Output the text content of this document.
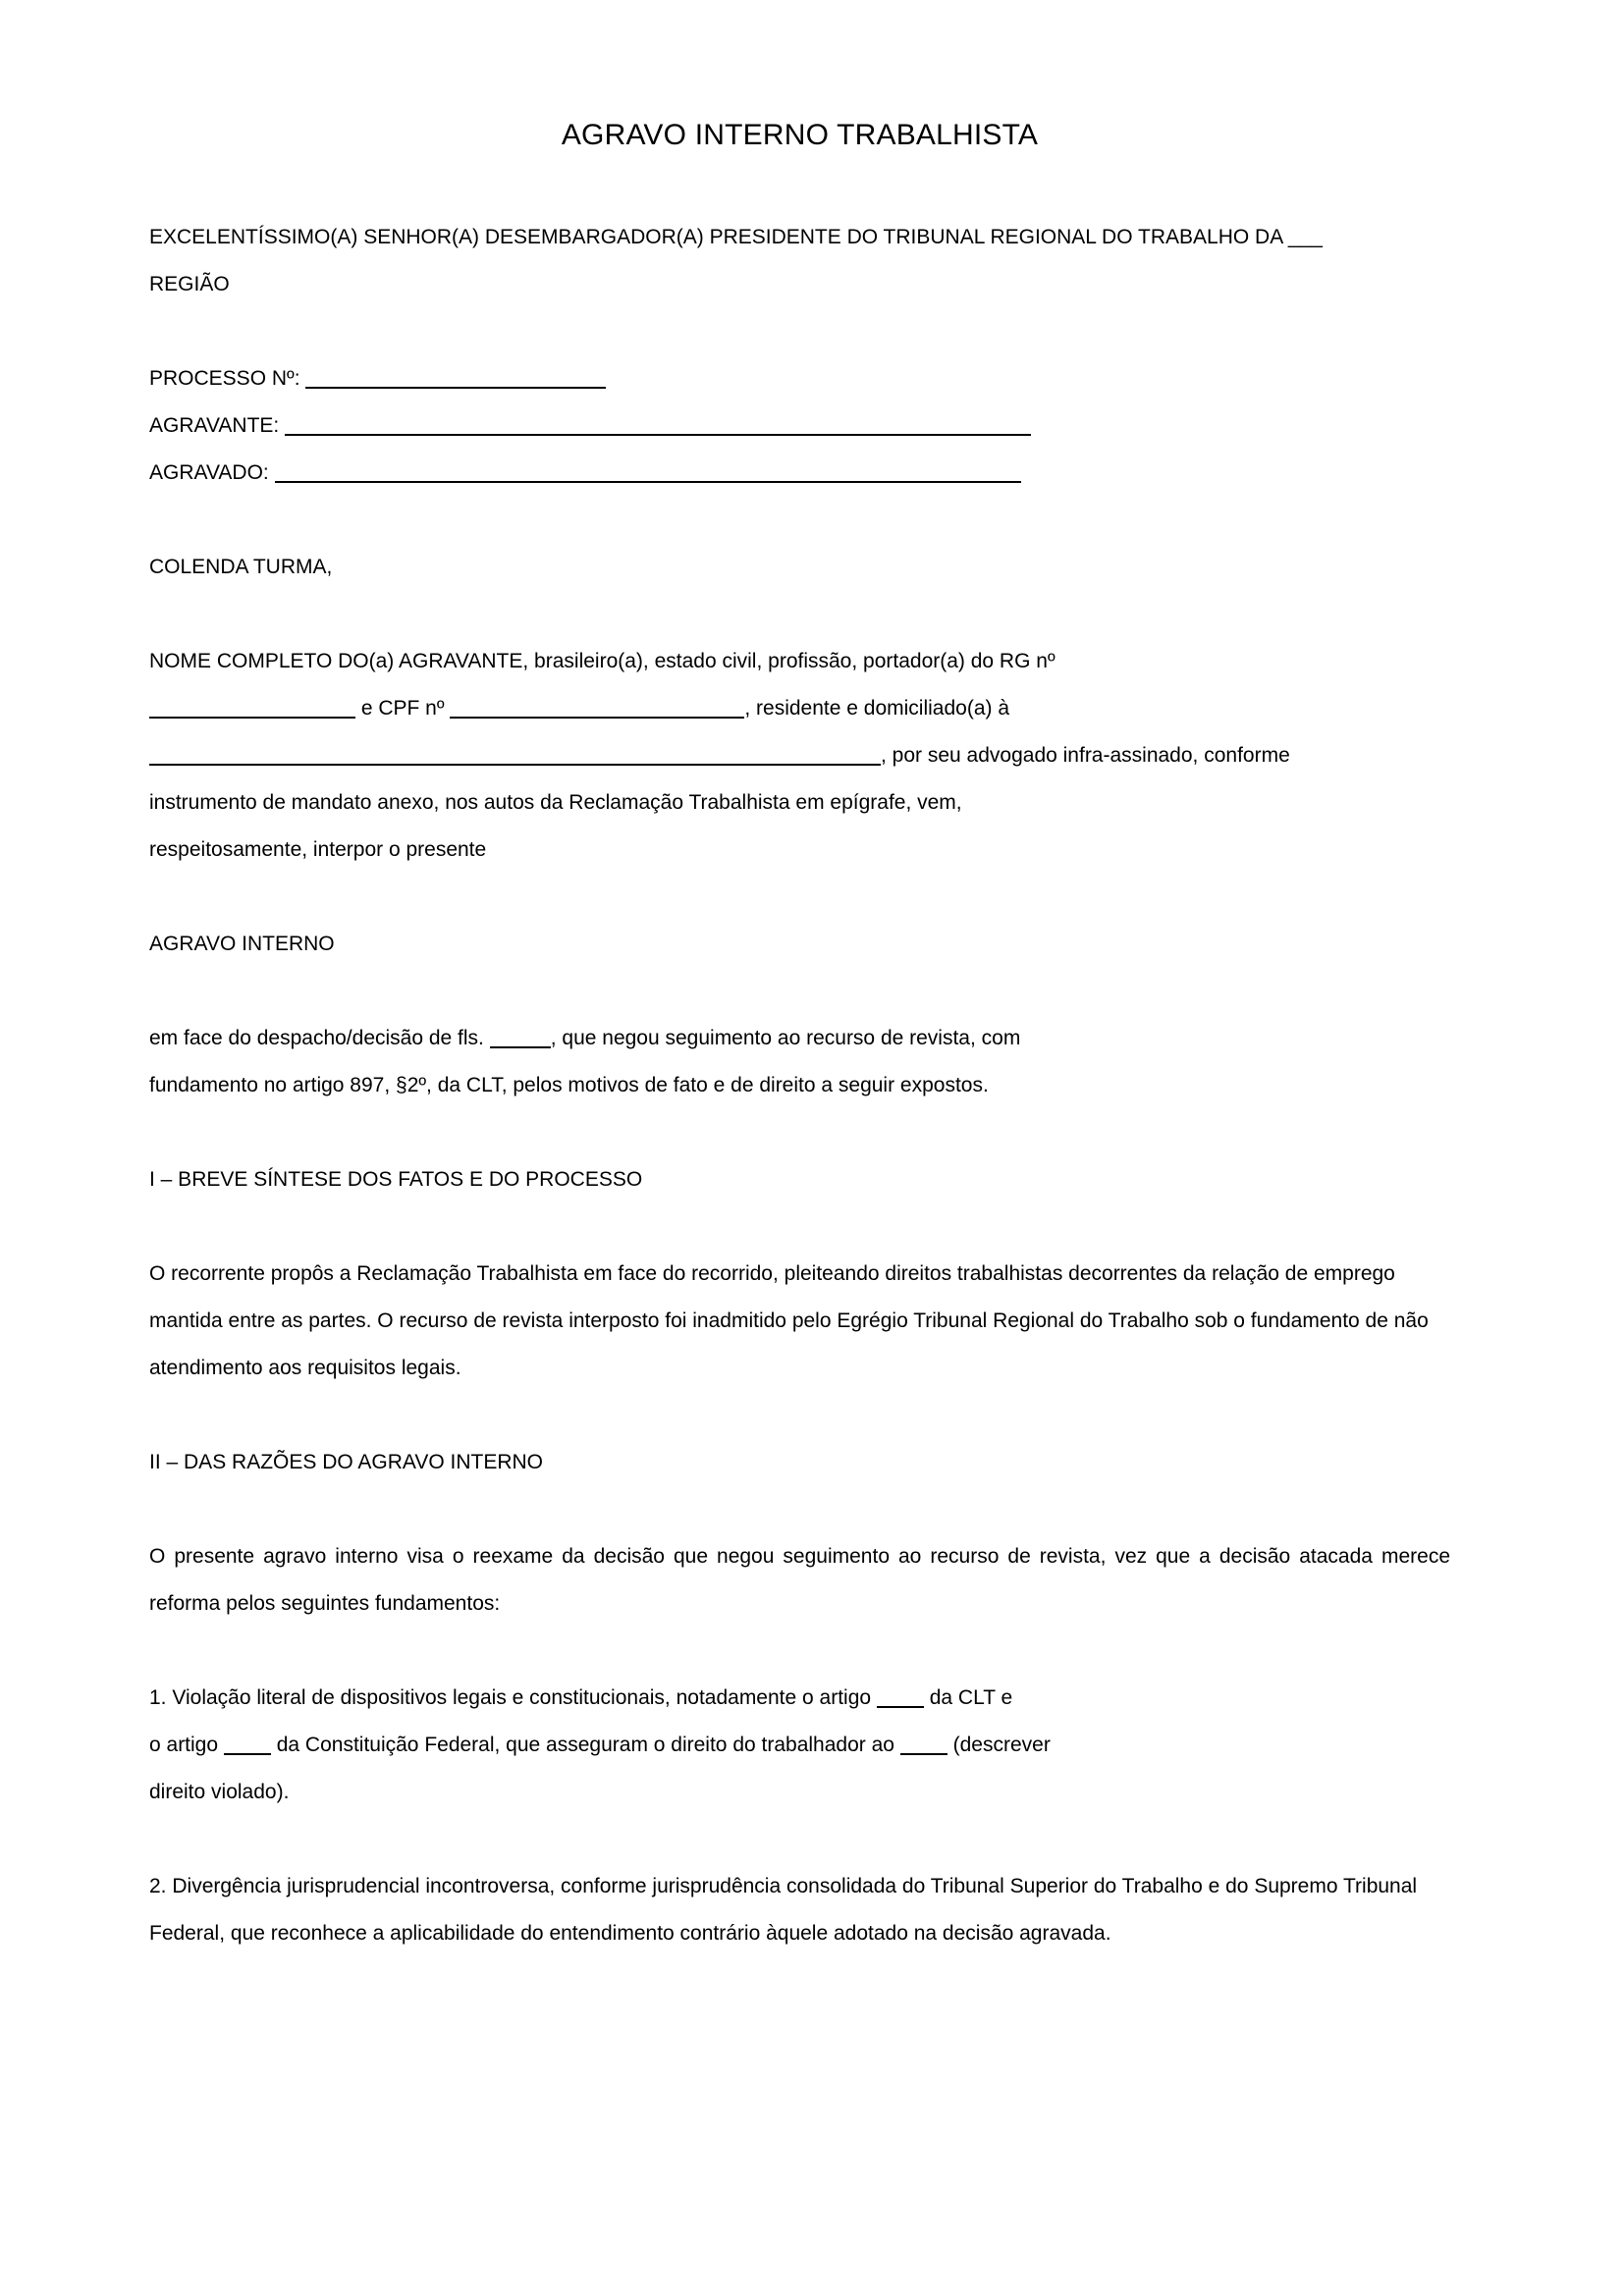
AGRAVO INTERNO TRABALHISTA

EXCELENTÍSSIMO(A) SENHOR(A) DESEMBARGADOR(A) PRESIDENTE DO TRIBUNAL REGIONAL DO TRABALHO DA ___

REGIÃO

PROCESSO Nº:

AGRAVANTE:

AGRAVADO:

COLENDA TURMA,

NOME COMPLETO DO(a) AGRAVANTE, brasileiro(a), estado civil, profissão, portador(a) do RG nº

e CPF nº	, residente e domiciliado(a) à

, por seu advogado infra-assinado, conforme

instrumento de mandato anexo, nos autos da Reclamação Trabalhista em epígrafe, vem,

respeitosamente, interpor o presente

AGRAVO INTERNO

em face do despacho/decisão de fls.	, que negou seguimento ao recurso de revista, com

fundamento no artigo 897, §2º, da CLT, pelos motivos de fato e de direito a seguir expostos.

I – BREVE SÍNTESE DOS FATOS E DO PROCESSO

O recorrente propôs a Reclamação Trabalhista em face do recorrido, pleiteando direitos trabalhistas decorrentes da relação de emprego mantida entre as partes. O recurso de revista interposto foi inadmitido pelo Egrégio Tribunal Regional do Trabalho sob o fundamento de não atendimento aos requisitos legais.

II – DAS RAZÕES DO AGRAVO INTERNO

O presente agravo interno visa o reexame da decisão que negou seguimento ao recurso de revista, vez que a decisão atacada merece reforma pelos seguintes fundamentos:

1. Violação literal de dispositivos legais e constitucionais, notadamente o artigo  da CLT e

o artigo  da Constituição Federal, que asseguram o direito do trabalhador ao  (descrever

direito violado).

2. Divergência jurisprudencial incontroversa, conforme jurisprudência consolidada do Tribunal Superior do Trabalho e do Supremo Tribunal Federal, que reconhece a aplicabilidade do entendimento contrário àquele adotado na decisão agravada.
